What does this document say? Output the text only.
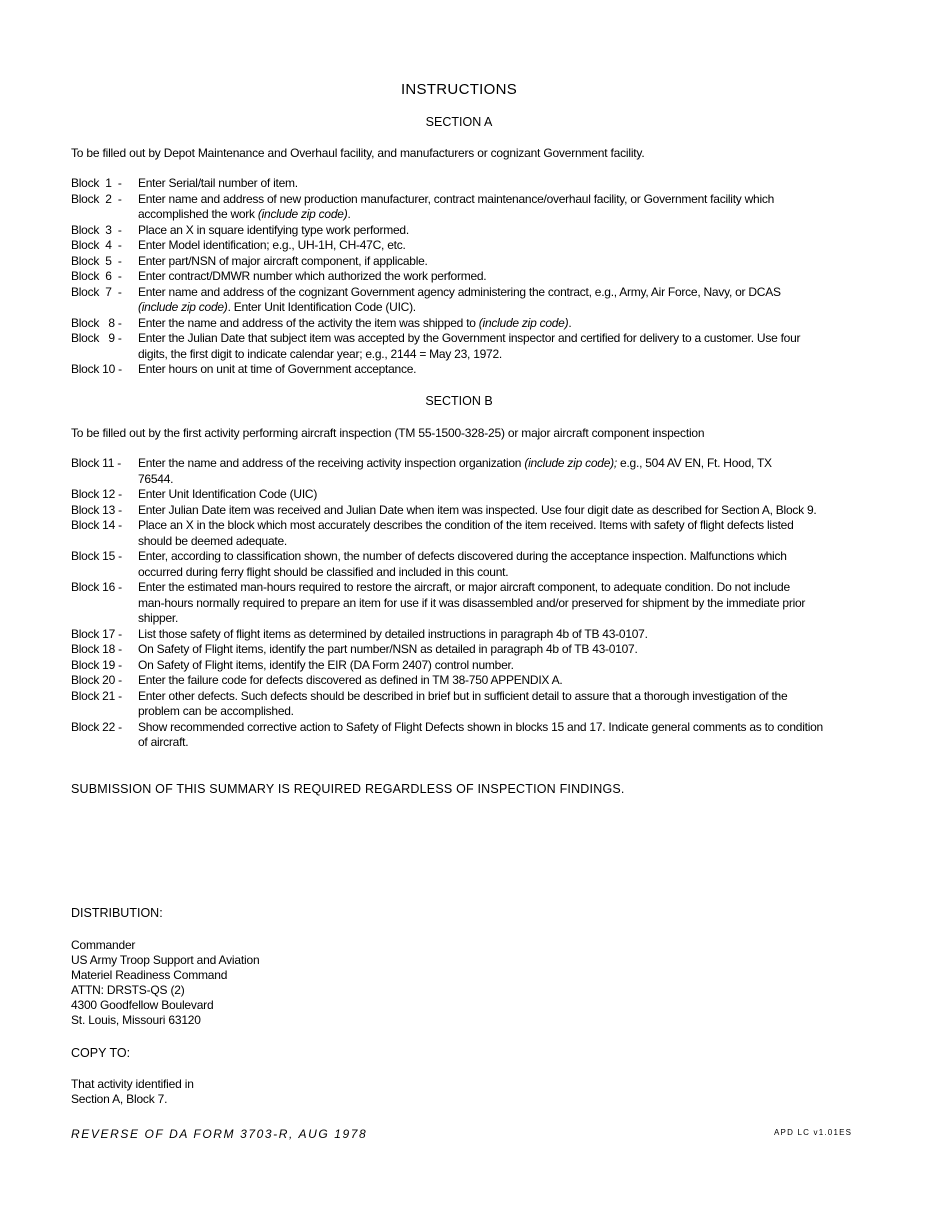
INSTRUCTIONS
SECTION A
To be filled out by Depot Maintenance and Overhaul facility, and manufacturers or cognizant Government facility.
Block  1  -	Enter Serial/tail number of item.
Block  2  -	Enter name and address of new production manufacturer, contract maintenance/overhaul facility, or Government facility which
accomplished the work (include zip code).
Block  3  -	Place an X in square identifying type work performed.
Block  4  -	Enter Model identification; e.g., UH-1H, CH-47C, etc.
Block  5  -	Enter part/NSN of major aircraft component, if applicable.
Block  6  -	Enter contract/DMWR number which authorized the work performed.
Block  7  -	Enter name and address of the cognizant Government agency administering the contract, e.g., Army, Air Force, Navy, or DCAS
(include zip code). Enter Unit Identification Code (UIC).
Block   8 -	Enter the name and address of the activity the item was shipped to (include zip code).
Block   9 -	Enter the Julian Date that subject item was accepted by the Government inspector and certified for delivery to a customer. Use four
digits, the first digit to indicate calendar year; e.g., 2144 = May 23, 1972.
Block 10 -	Enter hours on unit at time of Government acceptance.
SECTION B
To be filled out by the first activity performing aircraft inspection (TM 55-1500-328-25) or major aircraft component inspection
Block 11 -	Enter the name and address of the receiving activity inspection organization (include zip code); e.g., 504 AV EN, Ft. Hood, TX
76544.
Block 12 -	Enter Unit Identification Code (UIC)
Block 13 -	Enter Julian Date item was received and Julian Date when item was inspected. Use four digit date as described for Section A, Block 9.
Block 14 -	Place an X in the block which most accurately describes the condition of the item received. Items with safety of flight defects listed
should be deemed adequate.
Block 15 -	Enter, according to classification shown, the number of defects discovered during the acceptance inspection. Malfunctions which
occurred during ferry flight should be classified and included in this count.
Block 16 -	Enter the estimated man-hours required to restore the aircraft, or major aircraft component, to adequate condition. Do not include
man-hours normally required to prepare an item for use if it was disassembled and/or preserved for shipment by the immediate prior
shipper.
Block 17 -	List those safety of flight items as determined by detailed instructions in paragraph 4b of TB 43-0107.
Block 18 -	On Safety of Flight items, identify the part number/NSN as detailed in paragraph 4b of TB 43-0107.
Block 19 -	On Safety of Flight items, identify the EIR (DA Form 2407) control number.
Block 20 -	Enter the failure code for defects discovered as defined in TM 38-750 APPENDIX A.
Block 21 -	Enter other defects. Such defects should be described in brief but in sufficient detail to assure that a thorough investigation of the
problem can be accomplished.
Block 22 -	Show recommended corrective action to Safety of Flight Defects shown in blocks 15 and 17. Indicate general comments as to condition
of aircraft.
SUBMISSION OF THIS SUMMARY IS REQUIRED REGARDLESS OF INSPECTION FINDINGS.
DISTRIBUTION:
Commander
US Army Troop Support and Aviation
Materiel Readiness Command
ATTN: DRSTS-QS (2)
4300 Goodfellow Boulevard
St. Louis, Missouri 63120
COPY TO:
That activity identified in
Section A, Block 7.
REVERSE OF DA FORM 3703-R, AUG 1978	APD LC v1.01ES
